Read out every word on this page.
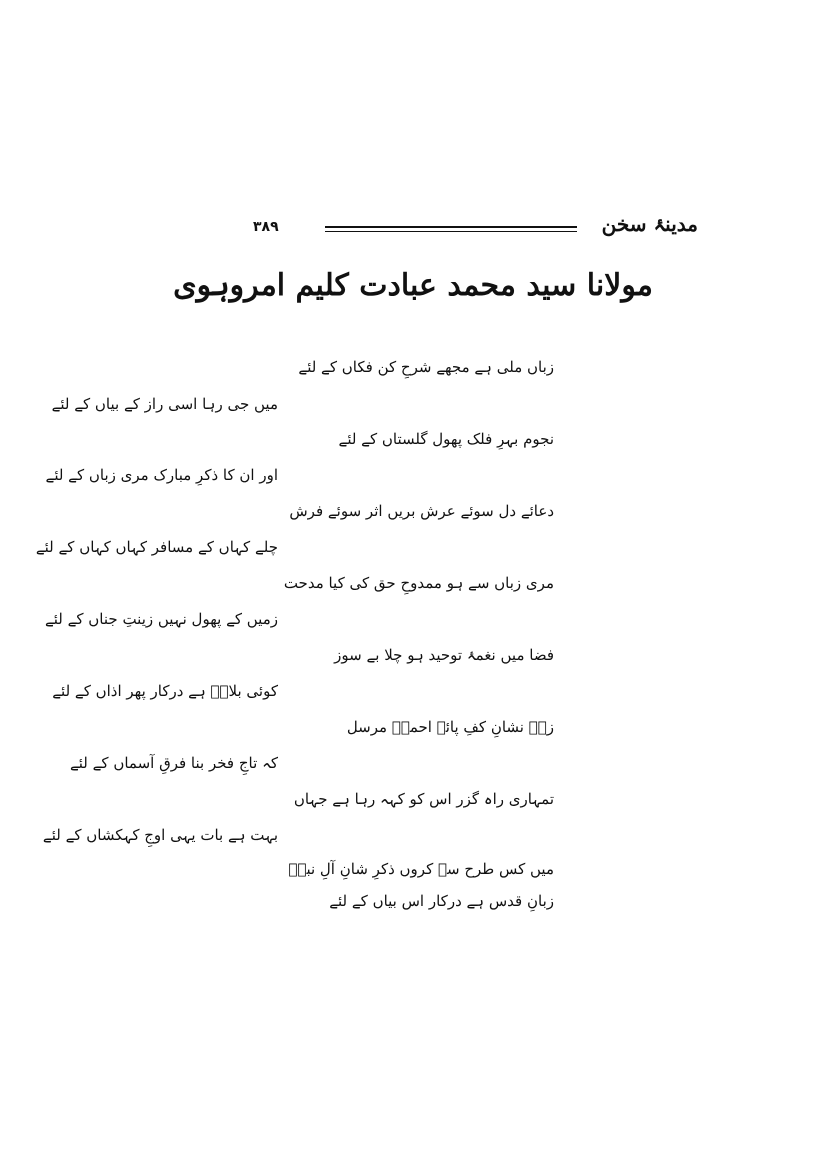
مدینۂ سخن
۳۸۹
مولانا سید محمد عبادت کلیم امروہوی
زباں ملی ہے مجھے شرحِ کن فکاں کے لئے
میں جی رہا اسی راز کے بیاں کے لئے
نجوم بہرِ فلک پھول گلستاں کے لئے
اور ان کا ذکرِ مبارک مری زباں کے لئے
دعائے دل سوئے عرش بریں اثر سوئے فرش
چلے کہاں کے مسافر کہاں کہاں کے لئے
مری زباں سے ہو ممدوحِ حق کی کیا مدحت
زمیں کے پھول نہیں زینتِ جناں کے لئے
فضا میں نغمۂ توحید ہو چلا بے سوز
کوئی بلالؓ ہے درکار پھر اذاں کے لئے
زہے نشانِ کفِ پائے احمدؐ مرسل
کہ تاجِ فخر بنا فرقِ آسماں کے لئے
تمہاری راہ گزر اس کو کہہ رہا ہے جہاں
بہت ہے بات یہی اوجِ کہکشاں کے لئے
میں کس طرح سے کروں ذکرِ شانِ آلِ نبیؐ
زبانِ قدس ہے درکار اس بیاں کے لئے
